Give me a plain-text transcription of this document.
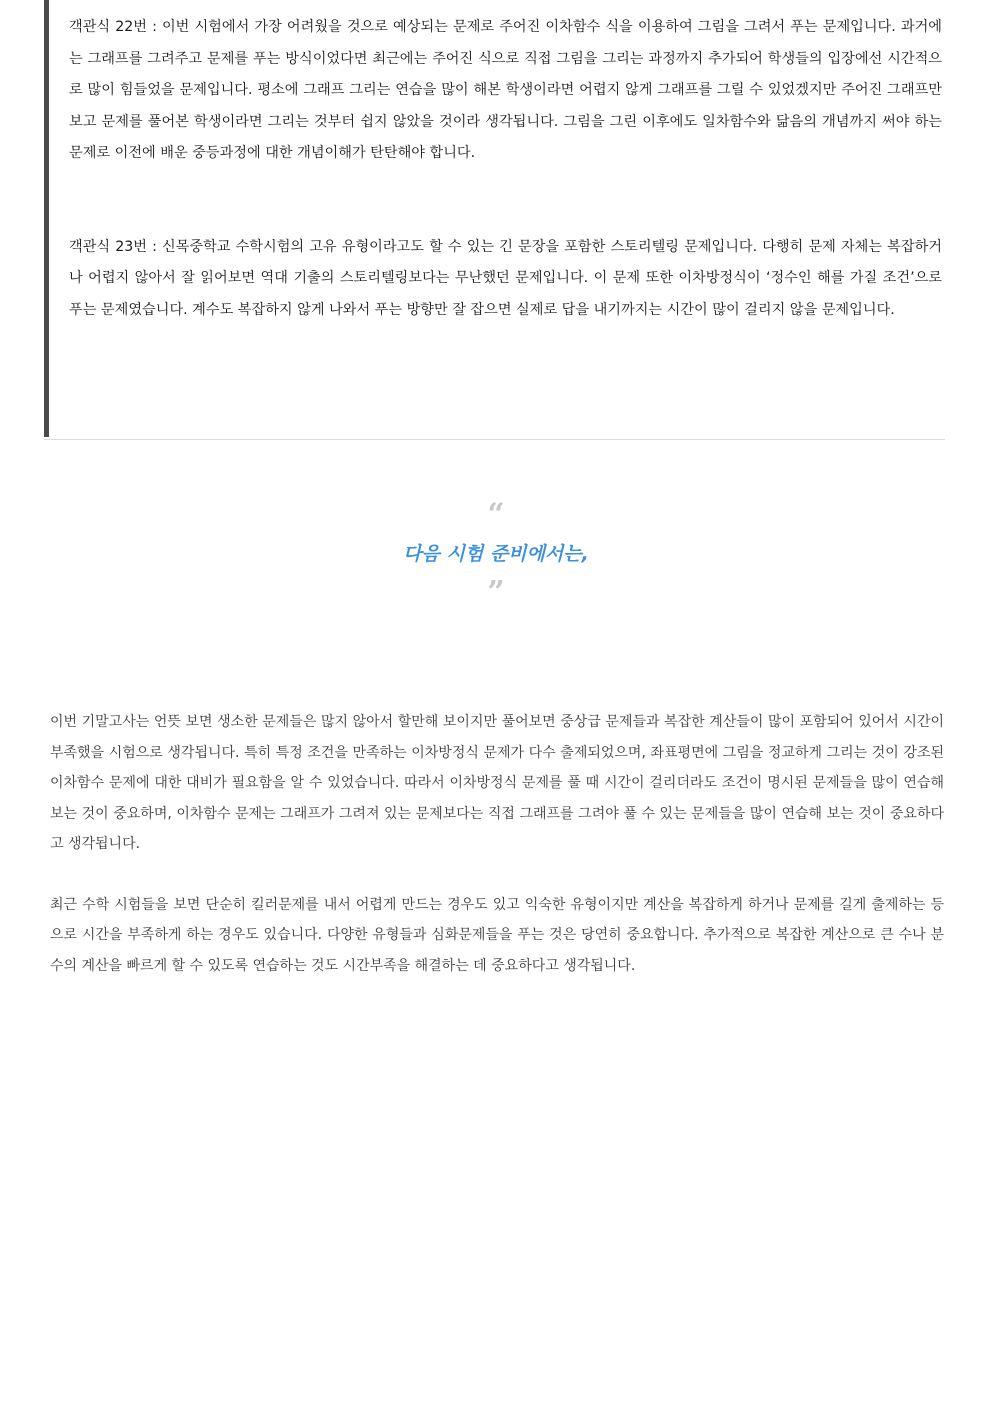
객관식 22번 : 이번 시험에서 가장 어려웠을 것으로 예상되는 문제로 주어진 이차함수 식을 이용하여 그림을 그려서 푸는 문제입니다. 과거에는 그래프를 그려주고 문제를 푸는 방식이었다면 최근에는 주어진 식으로 직접 그림을 그리는 과정까지 추가되어 학생들의 입장에선 시간적으로 많이 힘들었을 문제입니다. 평소에 그래프 그리는 연습을 많이 해본 학생이라면 어렵지 않게 그래프를 그릴 수 있었겠지만 주어진 그래프만 보고 문제를 풀어본 학생이라면 그리는 것부터 쉽지 않았을 것이라 생각됩니다. 그림을 그린 이후에도 일차함수와 닮음의 개념까지 써야 하는 문제로 이전에 배운 중등과정에 대한 개념이해가 탄탄해야 합니다.

객관식 23번 : 신목중학교 수학시험의 고유 유형이라고도 할 수 있는 긴 문장을 포함한 스토리텔링 문제입니다. 다행히 문제 자체는 복잡하거나 어렵지 않아서 잘 읽어보면 역대 기출의 스토리텔링보다는 무난했던 문제입니다. 이 문제 또한 이차방정식이 ‘정수인 해를 가질 조건’으로 푸는 문제였습니다. 계수도 복잡하지 않게 나와서 푸는 방향만 잘 잡으면 실제로 답을 내기까지는 시간이 많이 걸리지 않을 문제입니다.

“
다음 시험 준비에서는,
”

이번 기말고사는 언뜻 보면 생소한 문제들은 많지 않아서 할만해 보이지만 풀어보면 중상급 문제들과 복잡한 계산들이 많이 포함되어 있어서 시간이 부족했을 시험으로 생각됩니다. 특히 특정 조건을 만족하는 이차방정식 문제가 다수 출제되었으며, 좌표평면에 그림을 정교하게 그리는 것이 강조된 이차함수 문제에 대한 대비가 필요함을 알 수 있었습니다. 따라서 이차방정식 문제를 풀 때 시간이 걸리더라도 조건이 명시된 문제들을 많이 연습해 보는 것이 중요하며, 이차함수 문제는 그래프가 그려져 있는 문제보다는 직접 그래프를 그려야 풀 수 있는 문제들을 많이 연습해 보는 것이 중요하다고 생각됩니다.

최근 수학 시험들을 보면 단순히 킬러문제를 내서 어렵게 만드는 경우도 있고 익숙한 유형이지만 계산을 복잡하게 하거나 문제를 길게 출제하는 등으로 시간을 부족하게 하는 경우도 있습니다. 다양한 유형들과 심화문제들을 푸는 것은 당연히 중요합니다. 추가적으로 복잡한 계산으로 큰 수나 분수의 계산을 빠르게 할 수 있도록 연습하는 것도 시간부족을 해결하는 데 중요하다고 생각됩니다.
